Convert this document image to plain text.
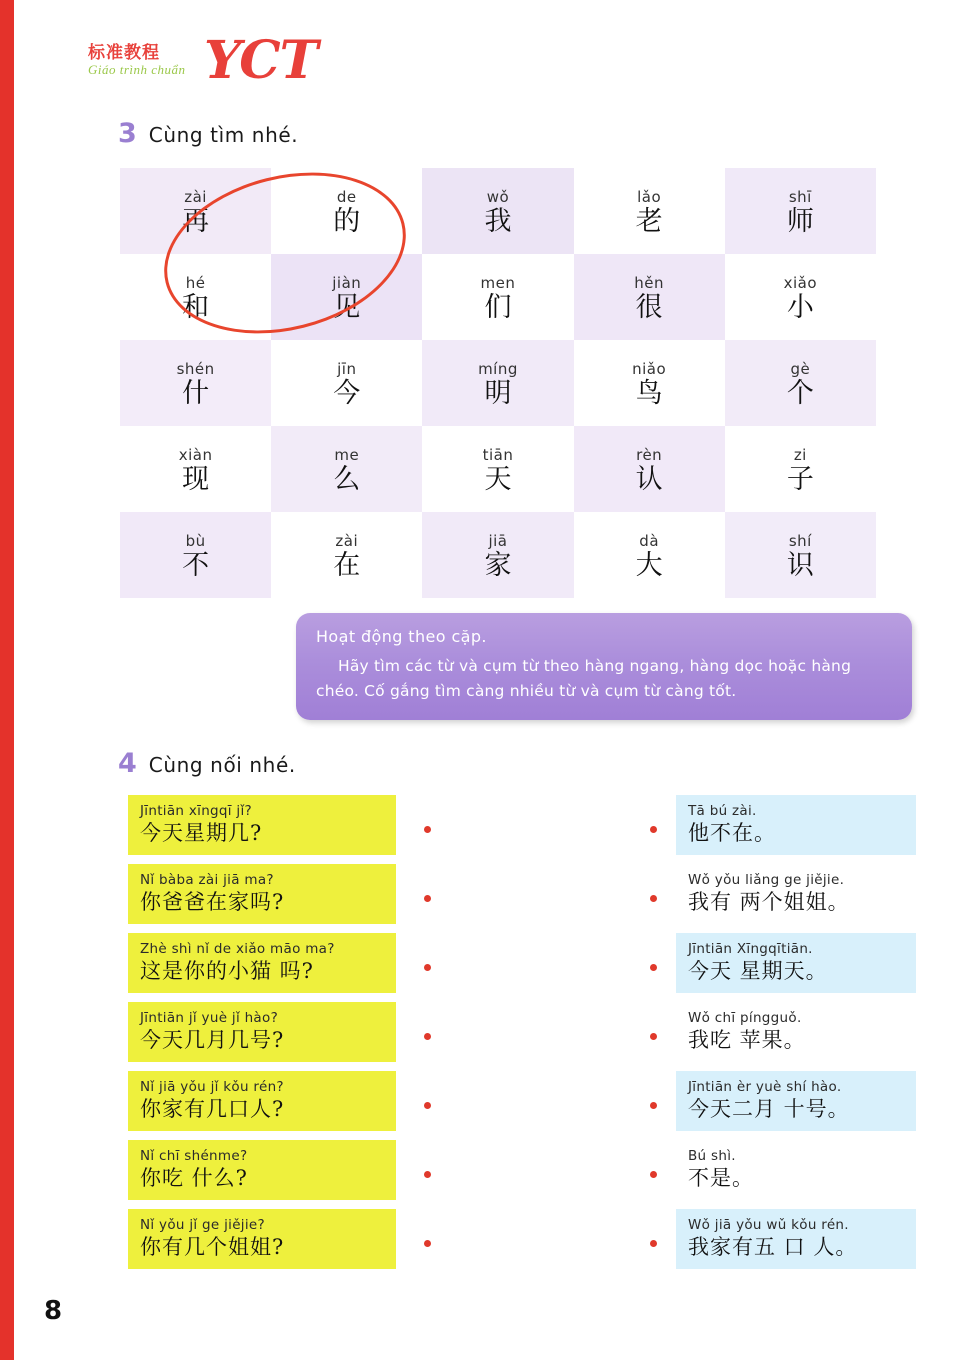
标准教程
Giáo trình chuẩn YCT
3 Cùng tìm nhé.
zài
再
de
的
wǒ
我
lǎo
老
shī
师
hé
和
jiàn
见
men
们
hěn
很
xiǎo
小
shén
什
jīn
今
míng
明
niǎo
鸟
gè
个
xiàn
现
me
么
tiān
天
rèn
认
zi
子
bù
不
zài
在
jiā
家
dà
大
shí
识
Hoạt động theo cặp.
Hãy tìm các từ và cụm từ theo hàng ngang, hàng dọc hoặc hàng chéo. Cố gắng tìm càng nhiều từ và cụm từ càng tốt.
4 Cùng nối nhé.
Jīntiān xīngqī jǐ?
今天星期几?
Nǐ bàba zài jiā ma?
你爸爸在家吗?
Zhè shì nǐ de xiǎo māo ma?
这是你的小猫 吗?
Jīntiān jǐ yuè jǐ hào?
今天几月几号?
Nǐ jiā yǒu jǐ kǒu rén?
你家有几口人?
Nǐ chī shénme?
你吃 什么?
Nǐ yǒu jǐ ge jiějie?
你有几个姐姐?
Tā bú zài.
他不在。
Wǒ yǒu liǎng ge jiějie.
我有 两个姐姐。
Jīntiān Xīngqītiān.
今天 星期天。
Wǒ chī píngguǒ.
我吃 苹果。
Jīntiān èr yuè shí hào.
今天二月 十号。
Bú shì.
不是。
Wǒ jiā yǒu wǔ kǒu rén.
我家有五 口 人。
8
